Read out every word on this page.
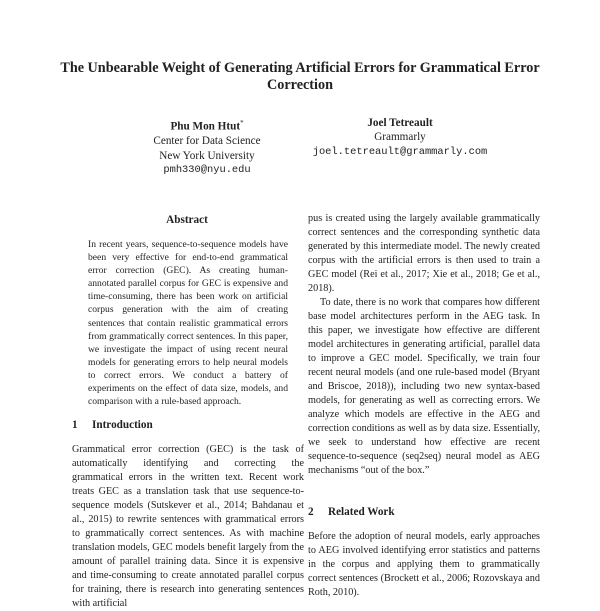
The Unbearable Weight of Generating Artificial Errors for Grammatical Error Correction
Phu Mon Htut*
Center for Data Science
New York University
pmh330@nyu.edu
Joel Tetreault
Grammarly
joel.tetreault@grammarly.com
Abstract
In recent years, sequence-to-sequence models have been very effective for end-to-end grammatical error correction (GEC). As creating human-annotated parallel corpus for GEC is expensive and time-consuming, there has been work on artificial corpus generation with the aim of creating sentences that contain realistic grammatical errors from grammatically correct sentences. In this paper, we investigate the impact of using recent neural models for generating errors to help neural models to correct errors. We conduct a battery of experiments on the effect of data size, models, and comparison with a rule-based approach.
1 Introduction

Grammatical error correction (GEC) is the task of automatically identifying and correcting the grammatical errors in the written text. Recent work treats GEC as a translation task that use sequence-to-sequence models (Sutskever et al., 2014; Bahdanau et al., 2015) to rewrite sentences with grammatical errors to grammatically correct sentences. As with machine translation models, GEC models benefit largely from the amount of parallel training data. Since it is expensive and time-consuming to create annotated parallel corpus for training, there is research into generating sentences with artificial

pus is created using the largely available grammatically correct sentences and the corresponding synthetic data generated by this intermediate model. The newly created corpus with the artificial errors is then used to train a GEC model (Rei et al., 2017; Xie et al., 2018; Ge et al., 2018).

To date, there is no work that compares how different base model architectures perform in the AEG task. In this paper, we investigate how effective are different model architectures in generating artificial, parallel data to improve a GEC model. Specifically, we train four recent neural models (and one rule-based model (Bryant and Briscoe, 2018)), including two new syntax-based models, for generating as well as correcting errors. We analyze which models are effective in the AEG and correction conditions as well as by data size. Essentially, we seek to understand how effective are recent sequence-to-sequence (seq2seq) neural model as AEG mechanisms “out of the box.”

2 Related Work

Before the adoption of neural models, early approaches to AEG involved identifying error statistics and patterns in the corpus and applying them to grammatically correct sentences (Brockett et al., 2006; Rozovskaya and Roth, 2010).
